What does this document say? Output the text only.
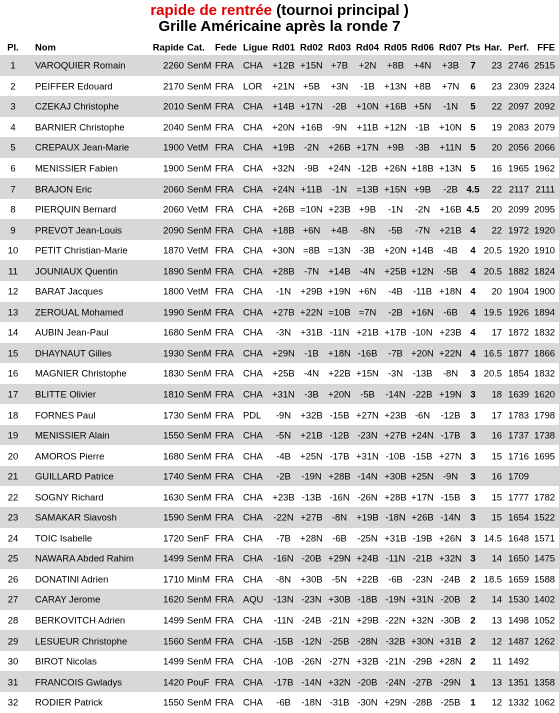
rapide de rentrée (tournoi principal )
Grille Américaine après la ronde 7
Pl.	Nom	Rapide Cat. Fede Ligue Rd01 Rd02 Rd03 Rd04 Rd05 Rd06 Rd07 Pts Har. Perf. FFE
1	VAROQUIER Romain	2260 SenM FRA CHA +12B +15N +7B	+2N	+8B	+4N	+3B	7	23 2746 2515
2	PEIFFER Edouard	2170 SenM FRA LOR +21N +5B	+3N	-1B +13N +8B	+7N	6	23 2309 2324
3	CZEKAJ Christophe	2010 SenM FRA CHA +14B +17N -2B +10N +16B +5N	-1N	5	22 2097 2092
4	BARNIER Christophe	2040 SenM FRA CHA +20N +16B -9N	+11B +12N -1B +10N 5	19 2083 2079
5	CREPAUX Jean-Marie	1900 VetM FRA CHA +19B -2N +26B +17N +9B	-3B	+11N 5	20 2056 2066
6	MENISSIER Fabien	1900 SenM FRA CHA +32N -9B +24N -12B +26N +18B +13N 5	16 1965 1962
7	BRAJON Eric	2060 SenM FRA CHA +24N +11B	-1N =13B +15N +9B	-2B 4.5	22 2117 2111
8	PIERQUIN Bernard	2060 VetM FRA CHA +26B =10N +23B +9B	-1N	-2N +16B 4.5	20 2099 2095
9	PREVOT Jean-Louis	2090 SenM FRA CHA +18B +6N	+4B	-8N	-5B	-7N +21B 4	22 1972 1920
10	PETIT Christian-Marie	1870 VetM FRA CHA +30N =8B =13N -3B +20N +14B	-4B	4 20.5 1920 1910
11	JOUNIAUX Quentin	1890 SenM FRA CHA +28B -7N +14B -4N +25B +12N -5B	4 20.5 1882 1824
12	BARAT Jacques	1800 VetM FRA CHA	-1N +29B +19N +6N	-4B	-11B +18N 4	20 1904 1900
13	ZEROUAL Mohamed	1990 SenM FRA CHA +27B +22N =10B =7N	-2B +16N -6B	4 19.5 1926 1894
14	AUBIN Jean-Paul	1680 SenM FRA CHA	-3N +31B -11N +21B +17B -10N +23B 4	17 1872 1832
15	DHAYNAUT Gilles	1930 SenM FRA CHA +29N -1B +18N -16B	-7B +20N +22N 4 16.5 1877 1866
16	MAGNIER Christophe	1830 SenM FRA CHA +25B -4N +22B +15N -3N	-13B	-8N	3 20.5 1854 1832
17	BLITTE Olivier	1810 SenM FRA CHA +31N -3B +20N -5B	-14N -22B +19N 3	18 1639 1620
18	FORNES Paul	1730 SenM FRA PDL	-9N +32B -15B +27N +23B -6N	-12B	3	17 1783 1798
19	MENISSIER Alain	1550 SenM FRA CHA	-5N +21B -12B -23N +27B +24N -17B	3	16 1737 1738
20	AMOROS Pierre	1680 SenM FRA CHA	-4B +25N -17B +31N -10B -15B +27N 3	15 1716 1695
21	GUILLARD Patrice	1740 SenM FRA CHA	-2B	-19N +28B -14N +30B +25N -9N	3	16 1709
22	SOGNY Richard	1630 SenM FRA CHA +23B -13B -16N -26N +28B +17N -15B	3	15 1777 1782
23	SAMAKAR Siavosh	1590 SenM FRA CHA	-22N +27B -8N +19B -18N +26B -14N	3	15 1654 1522
24	TOIC Isabelle	1720 SenF FRA CHA	-7B +28N -6B	-25N +31B -19B +26N 3 14.5 1648 1571
25	NAWARA Abded Rahim	1499 SenM FRA CHA	-16N -20B +29N +24B -11N -21B +32N 3	14 1650 1475
26	DONATINI Adrien	1710 MinM FRA CHA	-8N +30B -5N +22B	-6B	-23N -24B	2 18.5 1659 1588
27	CARAY Jerome	1620 SenM FRA AQU	-13N -23N +30B -18B -19N +31N -20B	2	14 1530 1402
28	BERKOVITCH Adrien	1499 SenM FRA CHA	-11N -24B -21N +29B -22N +32N -30B	2	13 1498 1052
29	LESUEUR Christophe	1560 SenM FRA CHA	-15B -12N -25B -28N -32B +30N +31B 2	12 1487 1262
30	BIROT Nicolas	1499 SenM FRA CHA	-10B -26N -27N +32B -21N -29B +28N 2	11 1492
31	FRANCOIS Gwladys	1420 PouF FRA CHA	-17B -14N +32N -20B -24N -27B -29N	1	13 1351 1358
32	RODIER Patrick	1550 SenM FRA CHA	-6B	-18N -31B -30N +29N -28B -25B	1	12 1332 1062
